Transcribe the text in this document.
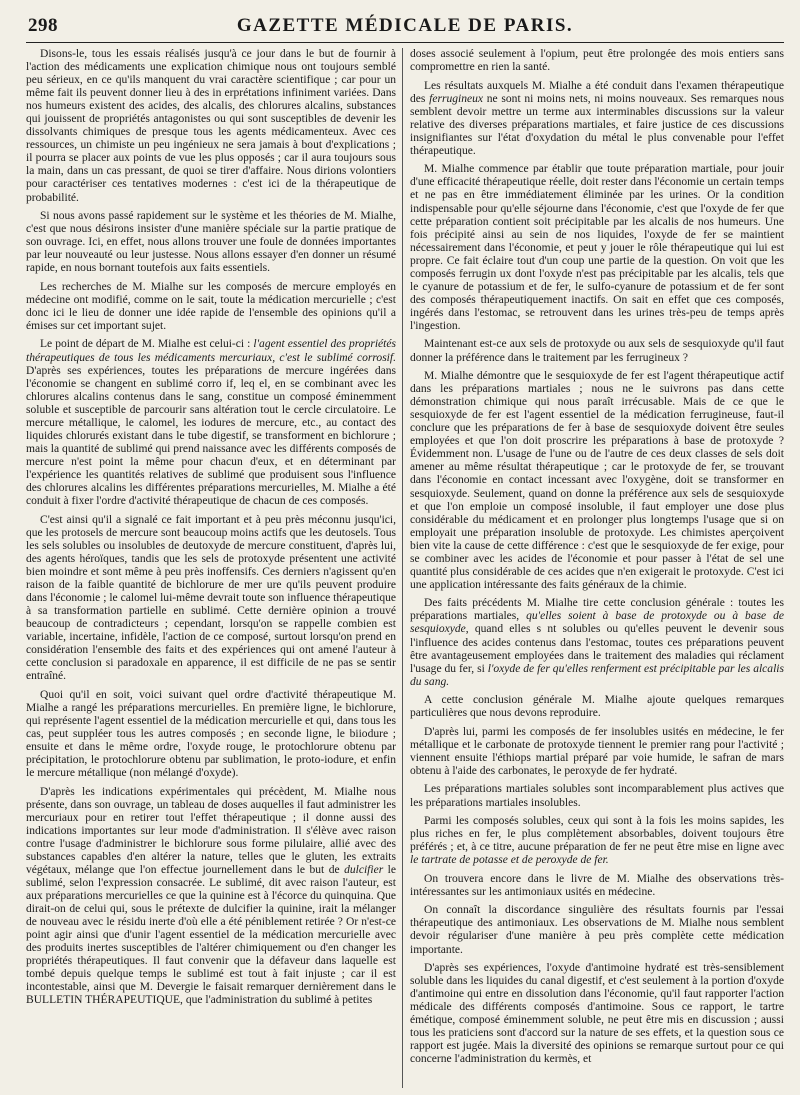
298	GAZETTE MÉDICALE DE PARIS.

Disons-le, tous les essais réalisés jusqu'à ce jour dans le but de fournir à l'action des médicaments une explication chimique nous ont toujours semblé peu sérieux, en ce qu'ils manquent du vrai caractère scientifique ; car pour un même fait ils peuvent donner lieu à des in erprétations infiniment variées. Dans nos humeurs existent des acides, des alcalis, des chlorures alcalins, substances qui jouissent de propriétés antagonistes ou qui sont susceptibles de devenir les dissolvants chimiques de presque tous les agents médicamenteux. Avec ces ressources, un chimiste un peu ingénieux ne sera jamais à bout d'explications ; il pourra se placer aux points de vue les plus opposés ; car il aura toujours sous la main, dans un cas pressant, de quoi se tirer d'affaire. Nous dirions volontiers pour caractériser ces tentatives modernes : c'est ici de la thérapeutique de probabilité.

Si nous avons passé rapidement sur le système et les théories de M. Mialhe, c'est que nous désirons insister d'une manière spéciale sur la partie pratique de son ouvrage. Ici, en effet, nous allons trouver une foule de données importantes par leur nouveauté ou leur justesse. Nous allons essayer d'en donner un résumé rapide, en nous bornant toutefois aux faits essentiels.

Les recherches de M. Mialhe sur les composés de mercure employés en médecine ont modifié, comme on le sait, toute la médication mercurielle ; c'est donc ici le lieu de donner une idée rapide de l'ensemble des opinions qu'il a émises sur cet important sujet.

Le point de départ de M. Mialhe est celui-ci : l'agent essentiel des propriétés thérapeutiques de tous les médicaments mercuriaux, c'est le sublimé corrosif. D'après ses expériences, toutes les préparations de mercure ingérées dans l'économie se changent en sublimé corro if, leq el, en se combinant avec les chlorures alcalins contenus dans le sang, constitue un composé éminemment soluble et susceptible de parcourir sans altération tout le cercle circulatoire. Le mercure métallique, le calomel, les iodures de mercure, etc., au contact des liquides chlorurés existant dans le tube digestif, se transforment en bichlorure ; mais la quantité de sublimé qui prend naissance avec les différents composés de mercure n'est point la même pour chacun d'eux, et en déterminant par l'expérience les quantités relatives de sublimé que produisent sous l'influence des chlorures alcalins les différentes préparations mercurielles, M. Mialhe a été conduit à fixer l'ordre d'activité thérapeutique de chacun de ces composés.

C'est ainsi qu'il a signalé ce fait important et à peu près méconnu jusqu'ici, que les protosels de mercure sont beaucoup moins actifs que les deutosels. Tous les sels solubles ou insolubles de deutoxyde de mercure constituent, d'après lui, des agents héroïques, tandis que les sels de protoxyde présentent une activité bien moindre et sont même à peu près inoffensifs. Ces derniers n'agissent qu'en raison de la faible quantité de bichlorure de mer ure qu'ils peuvent produire dans l'économie ; le calomel lui-même devrait toute son influence thérapeutique à sa transformation partielle en sublimé. Cette dernière opinion a trouvé beaucoup de contradicteurs ; cependant, lorsqu'on se rappelle combien est variable, incertaine, infidèle, l'action de ce composé, surtout lorsqu'on prend en considération l'ensemble des faits et des expériences qui ont amené l'auteur à cette conclusion si paradoxale en apparence, il est difficile de ne pas se sentir entraîné.

Quoi qu'il en soit, voici suivant quel ordre d'activité thérapeutique M. Mialhe a rangé les préparations mercurielles. En première ligne, le bichlorure, qui représente l'agent essentiel de la médication mercurielle et qui, dans tous les cas, peut suppléer tous les autres composés ; en seconde ligne, le biiodure ; ensuite et dans le même ordre, l'oxyde rouge, le protochlorure obtenu par précipitation, le protochlorure obtenu par sublimation, le proto-iodure, et enfin le mercure métallique (non mélangé d'oxyde).

D'après les indications expérimentales qui précèdent, M. Mialhe nous présente, dans son ouvrage, un tableau de doses auquelles il faut administrer les mercuriaux pour en retirer tout l'effet thérapeutique ; il donne aussi des indications importantes sur leur mode d'administration. Il s'élève avec raison contre l'usage d'administrer le bichlorure sous forme pilulaire, allié avec des substances capables d'en altérer la nature, telles que le gluten, les extraits végétaux, mélange que l'on effectue journellement dans le but de dulcifier le sublimé, selon l'expression consacrée. Le sublimé, dit avec raison l'auteur, est aux préparations mercurielles ce que la quinine est à l'écorce du quinquina. Que dirait-on de celui qui, sous le prétexte de dulcifier la quinine, irait la mélanger de nouveau avec le résidu inerte d'où elle a été péniblement retirée ? Or n'est-ce point agir ainsi que d'unir l'agent essentiel de la médication mercurielle avec des produits inertes susceptibles de l'altérer chimiquement ou d'en changer les propriétés thérapeutiques. Il faut convenir que la défaveur dans laquelle est tombé depuis quelque temps le sublimé est tout à fait injuste ; car il est incontestable, ainsi que M. Devergie le faisait remarquer dernièrement dans le BULLETIN THÉRAPEUTIQUE, que l'administration du sublimé à petites

doses associé seulement à l'opium, peut être prolongée des mois entiers sans compromettre en rien la santé.

Les résultats auxquels M. Mialhe a été conduit dans l'examen thérapeutique des ferrugineux ne sont ni moins nets, ni moins nouveaux. Ses remarques nous semblent devoir mettre un terme aux interminables discussions sur la valeur relative des diverses préparations martiales, et faire justice de ces discussions insignifiantes sur l'état d'oxydation du métal le plus convenable pour l'effet thérapeutique.

M. Mialhe commence par établir que toute préparation martiale, pour jouir d'une efficacité thérapeutique réelle, doit rester dans l'économie un certain temps et ne pas en être immédiatement éliminée par les urines. Or la condition indispensable pour qu'elle séjourne dans l'économie, c'est que l'oxyde de fer que cette préparation contient soit précipitable par les alcalis de nos humeurs. Une fois précipité ainsi au sein de nos liquides, l'oxyde de fer se maintient nécessairement dans l'économie, et peut y jouer le rôle thérapeutique qui lui est propre. Ce fait éclaire tout d'un coup une partie de la question. On voit que les composés ferrugin ux dont l'oxyde n'est pas précipitable par les alcalis, tels que le cyanure de potassium et de fer, le sulfo-cyanure de potassium et de fer sont des composés thérapeutiquement inactifs. On sait en effet que ces composés, ingérés dans l'estomac, se retrouvent dans les urines très-peu de temps après l'ingestion.

Maintenant est-ce aux sels de protoxyde ou aux sels de sesquioxyde qu'il faut donner la préférence dans le traitement par les ferrugineux ?

M. Mialhe démontre que le sesquioxyde de fer est l'agent thérapeutique actif dans les préparations martiales ; nous ne le suivrons pas dans cette démonstration chimique qui nous paraît irrécusable. Mais de ce que le sesquioxyde de fer est l'agent essentiel de la médication ferrugineuse, faut-il conclure que les préparations de fer à base de sesquioxyde doivent être seules employées et que l'on doit proscrire les préparations à base de protoxyde ? Évidemment non. L'usage de l'une ou de l'autre de ces deux classes de sels doit amener au même résultat thérapeutique ; car le protoxyde de fer, se trouvant dans l'économie en contact incessant avec l'oxygène, doit se transformer en sesquioxyde. Seulement, quand on donne la préférence aux sels de sesquioxyde et que l'on emploie un composé insoluble, il faut employer une dose plus considérable du médicament et en prolonger plus longtemps l'usage que si on employait une préparation insoluble de protoxyde. Les chimistes aperçoivent bien vite la cause de cette différence : c'est que le sesquioxyde de fer exige, pour se combiner avec les acides de l'économie et pour passer à l'état de sel une quantité plus considérable de ces acides que n'en exigerait le protoxyde. C'est ici une application intéressante des faits généraux de la chimie.

Des faits précédents M. Mialhe tire cette conclusion générale : toutes les préparations martiales, qu'elles soient à base de protoxyde ou à base de sesquioxyde, quand elles s nt solubles ou qu'elles peuvent le devenir sous l'influence des acides contenus dans l'estomac, toutes ces préparations peuvent être avantageusement employées dans le traitement des maladies qui réclament l'usage du fer, si l'oxyde de fer qu'elles renferment est précipitable par les alcalis du sang.

A cette conclusion générale M. Mialhe ajoute quelques remarques particulières que nous devons reproduire.

D'après lui, parmi les composés de fer insolubles usités en médecine, le fer métallique et le carbonate de protoxyde tiennent le premier rang pour l'activité ; viennent ensuite l'éthiops martial préparé par voie humide, le safran de mars obtenu à l'aide des carbonates, le peroxyde de fer hydraté.

Les préparations martiales solubles sont incomparablement plus actives que les préparations martiales insolubles.

Parmi les composés solubles, ceux qui sont à la fois les moins sapides, les plus riches en fer, le plus complètement absorbables, doivent toujours être préférés ; et, à ce titre, aucune préparation de fer ne peut être mise en ligne avec le tartrate de potasse et de peroxyde de fer.

On trouvera encore dans le livre de M. Mialhe des observations très-intéressantes sur les antimoniaux usités en médecine.

On connaît la discordance singulière des résultats fournis par l'essai thérapeutique des antimoniaux. Les observations de M. Mialhe nous semblent devoir régulariser d'une manière à peu près complète cette médication importante.

D'après ses expériences, l'oxyde d'antimoine hydraté est très-sensiblement soluble dans les liquides du canal digestif, et c'est seulement à la portion d'oxyde d'antimoine qui entre en dissolution dans l'économie, qu'il faut rapporter l'action médicale des différents composés d'antimoine. Sous ce rapport, le tartre émétique, composé éminemment soluble, ne peut être mis en discussion ; aussi tous les praticiens sont d'accord sur la nature de ses effets, et la question sous ce rapport est jugée. Mais la diversité des opinions se remarque surtout pour ce qui concerne l'administration du kermès, et
